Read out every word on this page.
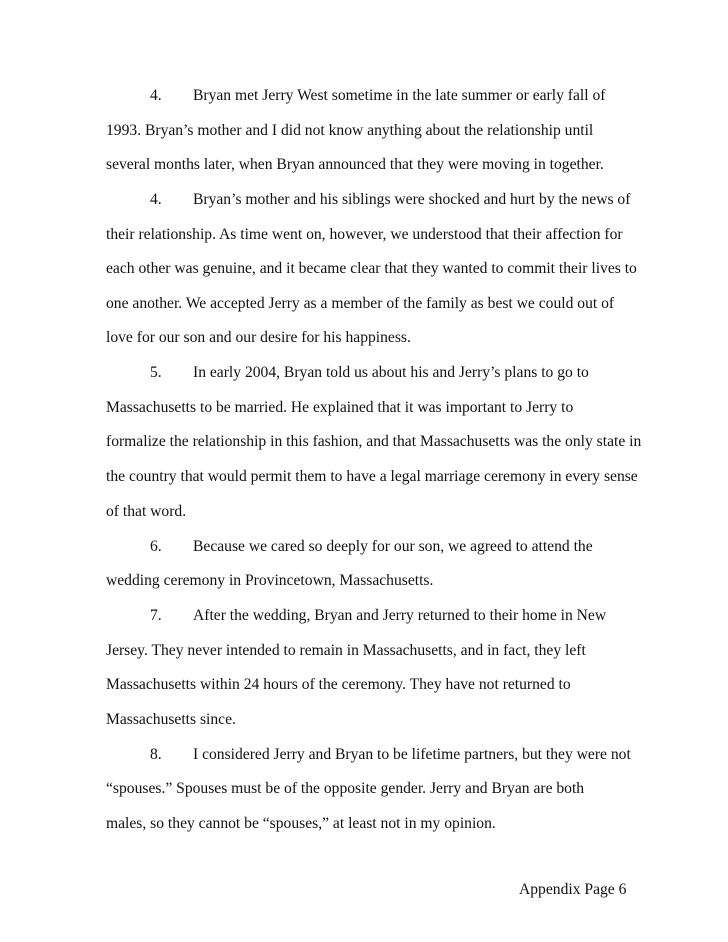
4. Bryan met Jerry West sometime in the late summer or early fall of
1993. Bryan’s mother and I did not know anything about the relationship until
several months later, when Bryan announced that they were moving in together.
4. Bryan’s mother and his siblings were shocked and hurt by the news of
their relationship. As time went on, however, we understood that their affection for
each other was genuine, and it became clear that they wanted to commit their lives to
one another. We accepted Jerry as a member of the family as best we could out of
love for our son and our desire for his happiness.
5. In early 2004, Bryan told us about his and Jerry’s plans to go to
Massachusetts to be married. He explained that it was important to Jerry to
formalize the relationship in this fashion, and that Massachusetts was the only state in
the country that would permit them to have a legal marriage ceremony in every sense
of that word.
6. Because we cared so deeply for our son, we agreed to attend the
wedding ceremony in Provincetown, Massachusetts.
7. After the wedding, Bryan and Jerry returned to their home in New
Jersey. They never intended to remain in Massachusetts, and in fact, they left
Massachusetts within 24 hours of the ceremony. They have not returned to
Massachusetts since.
8. I considered Jerry and Bryan to be lifetime partners, but they were not
“spouses.” Spouses must be of the opposite gender. Jerry and Bryan are both
males, so they cannot be “spouses,” at least not in my opinion.
Appendix Page 6
